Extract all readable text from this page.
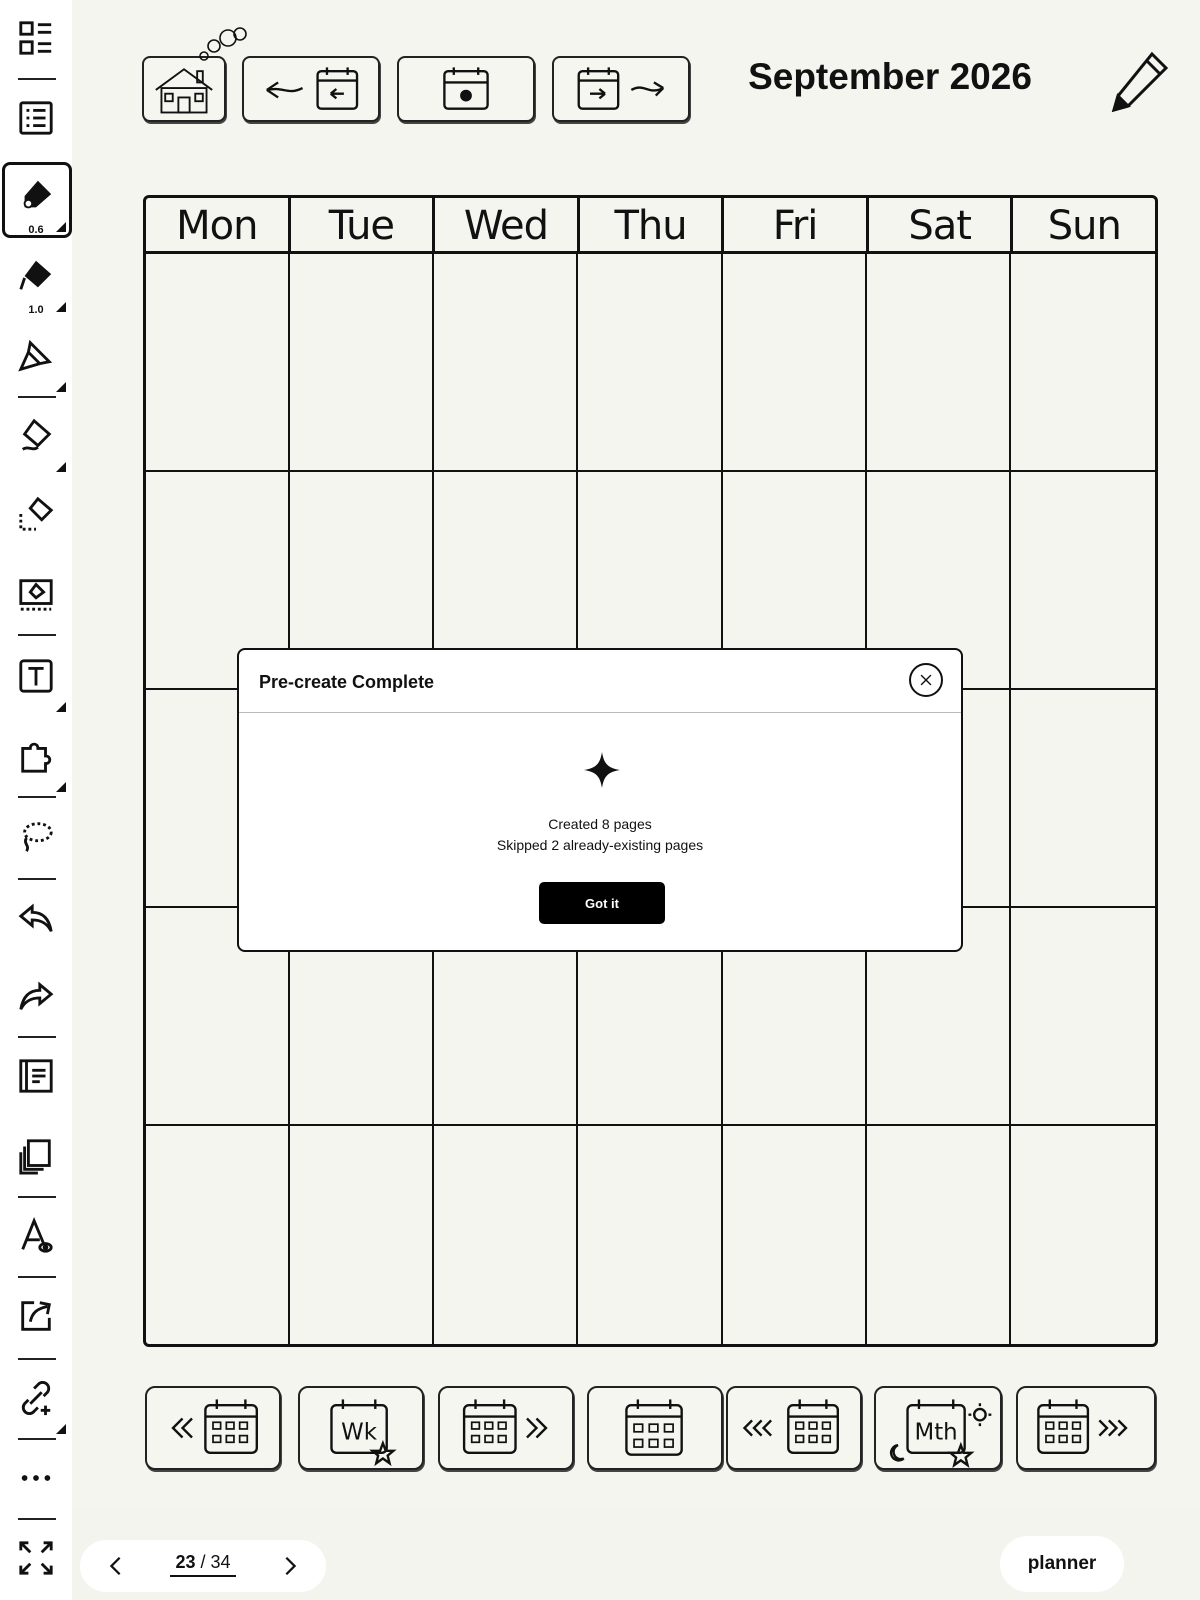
0.6
1.0
September 2026
Mon	Tue	Wed	Thu	Fri	Sat	Sun
Wk	Mth
23 / 34	planner
Pre-create Complete
Created 8 pages
Skipped 2 already-existing pages
Got it
